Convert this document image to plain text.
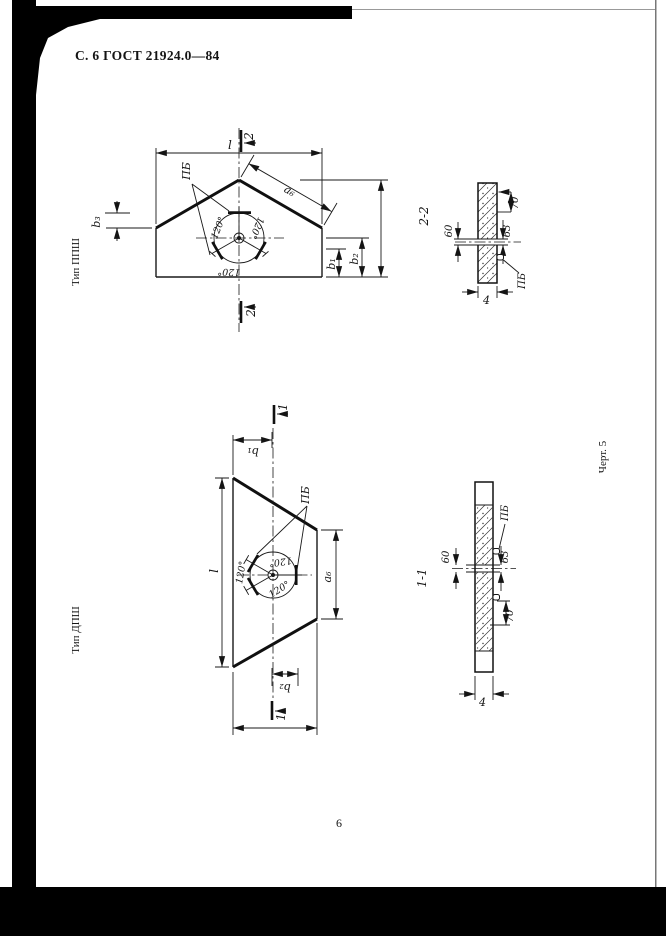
С. 6 ГОСТ 21924.0—84
6
Черт. 5
Тип ППШ
120° 120°
120°
ПБ
2
2
l
а₆
b₂
b₁
b₃	2-2
70
60	63
ПБ
4
Тип ДПШ
120° 120°
120°
ПБ
1
1
b₁
l
а₆
b₂
1-1
ПБ
60	63
70
4
